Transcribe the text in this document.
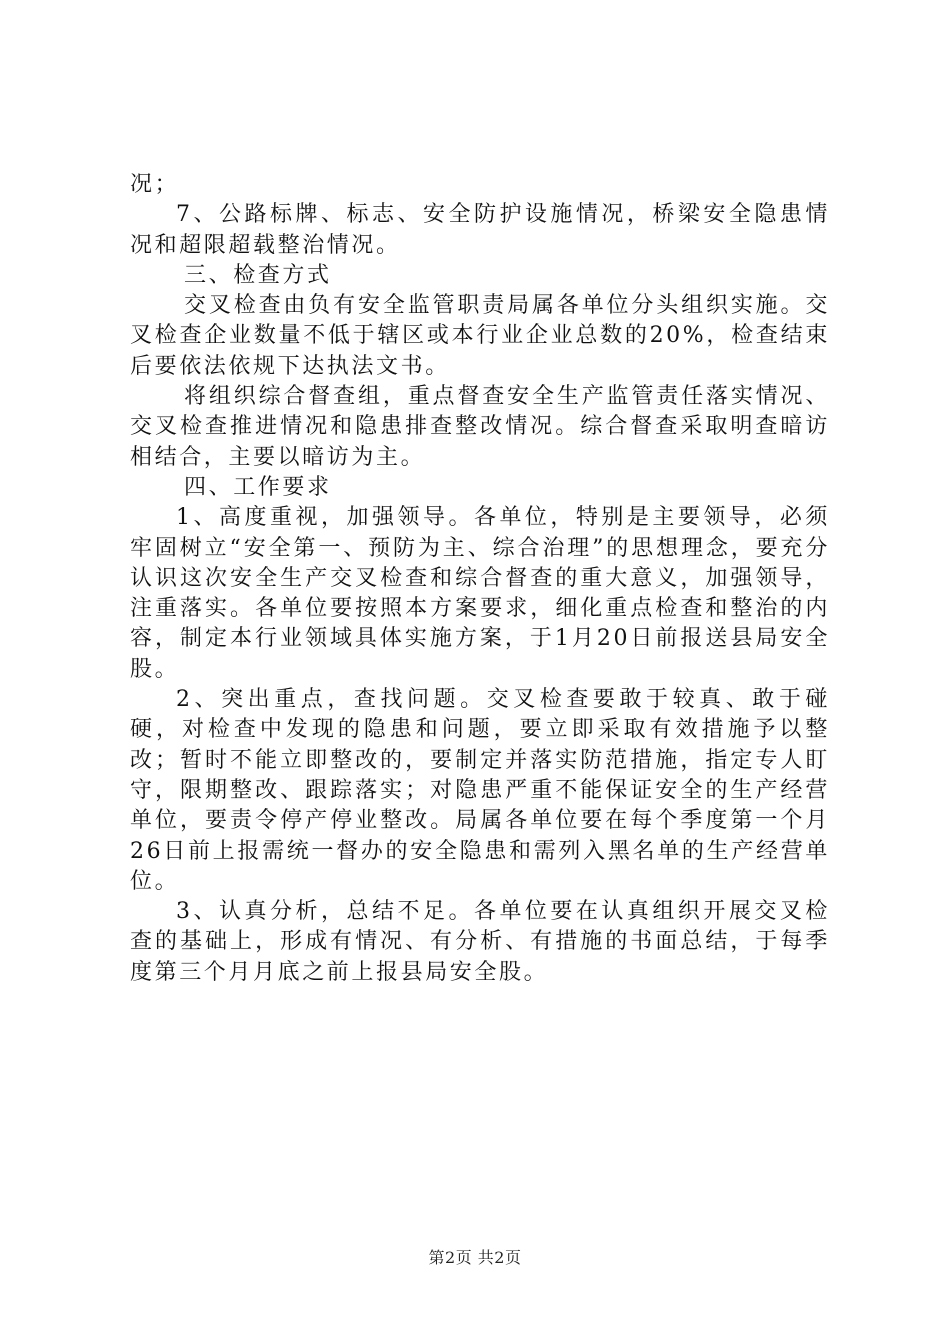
况；

7、公路标牌、标志、安全防护设施情况，桥梁安全隐患情况和超限超载整治情况。

三、检查方式

交叉检查由负有安全监管职责局属各单位分头组织实施。交叉检查企业数量不低于辖区或本行业企业总数的20%，检查结束后要依法依规下达执法文书。

将组织综合督查组，重点督查安全生产监管责任落实情况、交叉检查推进情况和隐患排查整改情况。综合督查采取明查暗访相结合，主要以暗访为主。

四、工作要求

1、高度重视，加强领导。各单位，特别是主要领导，必须牢固树立“安全第一、预防为主、综合治理”的思想理念，要充分认识这次安全生产交叉检查和综合督查的重大意义，加强领导，注重落实。各单位要按照本方案要求，细化重点检查和整治的内容，制定本行业领域具体实施方案，于1月20日前报送县局安全股。

2、突出重点，查找问题。交叉检查要敢于较真、敢于碰硬，对检查中发现的隐患和问题，要立即采取有效措施予以整改；暂时不能立即整改的，要制定并落实防范措施，指定专人盯守，限期整改、跟踪落实；对隐患严重不能保证安全的生产经营单位，要责令停产停业整改。局属各单位要在每个季度第一个月26日前上报需统一督办的安全隐患和需列入黑名单的生产经营单位。

3、认真分析，总结不足。各单位要在认真组织开展交叉检查的基础上，形成有情况、有分析、有措施的书面总结，于每季度第三个月月底之前上报县局安全股。

第2页 共2页
